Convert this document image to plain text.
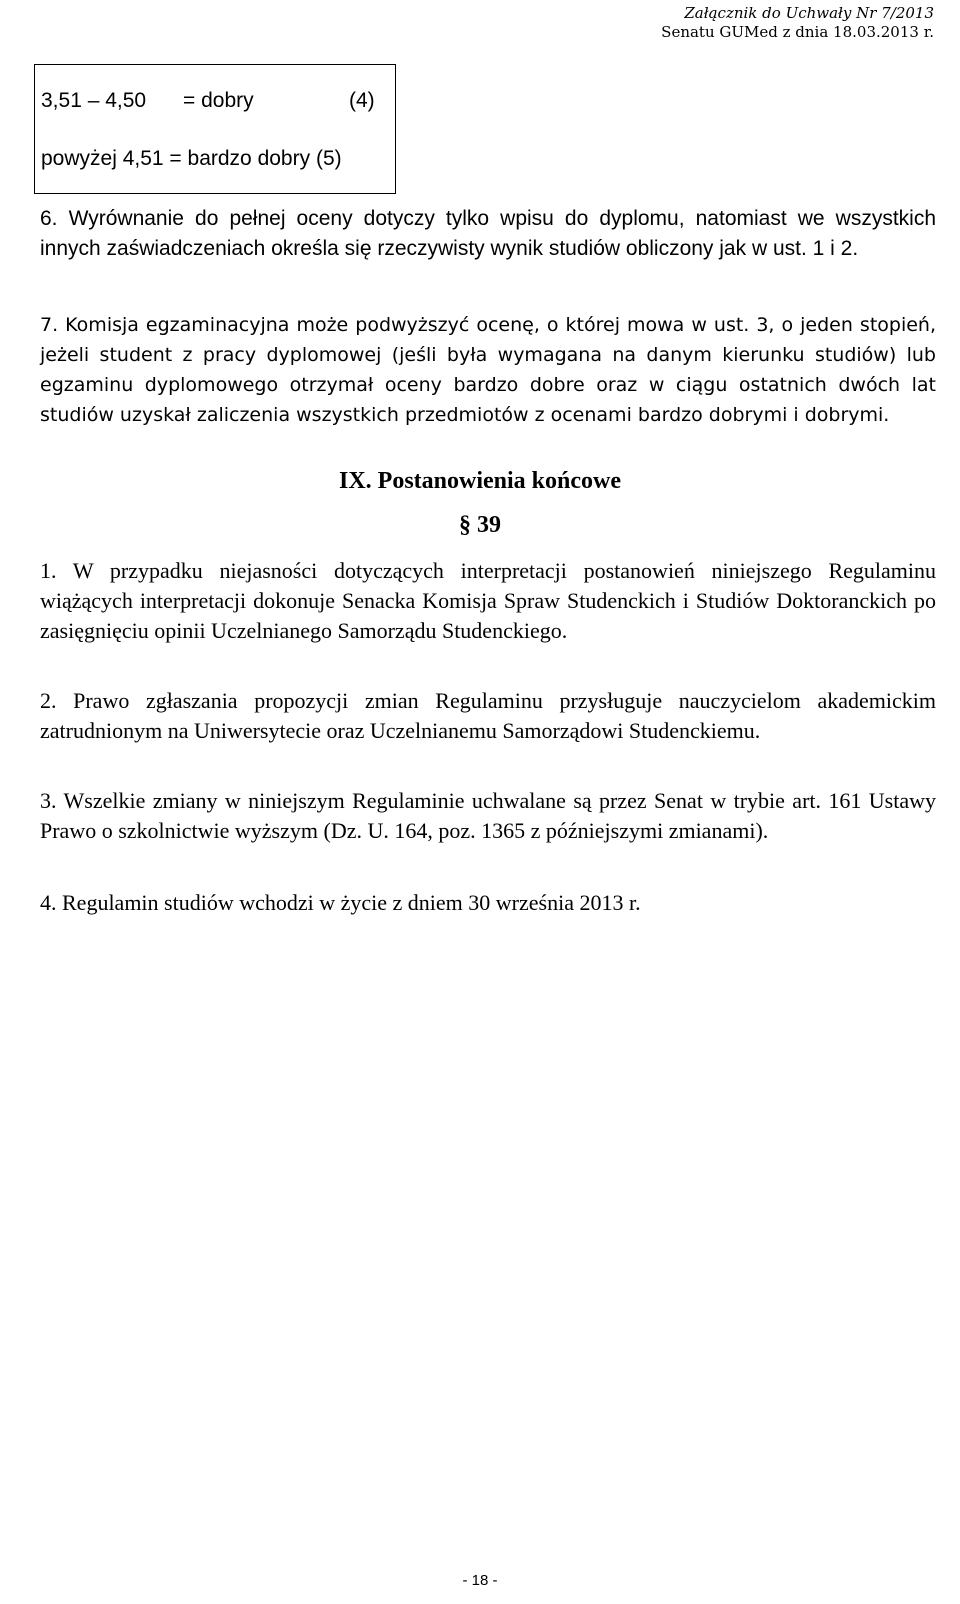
Załącznik do Uchwały Nr 7/2013
Senatu GUMed z dnia 18.03.2013 r.
3,51 – 4,50 = dobry	(4)
powyżej 4,51 = bardzo dobry (5)
6. Wyrównanie do pełnej oceny dotyczy tylko wpisu do dyplomu, natomiast we wszystkich innych zaświadczeniach określa się rzeczywisty wynik studiów obliczony jak w ust. 1 i 2.
7. Komisja egzaminacyjna może podwyższyć ocenę, o której mowa w ust. 3, o jeden stopień, jeżeli student z pracy dyplomowej (jeśli była wymagana na danym kierunku studiów) lub egzaminu dyplomowego otrzymał oceny bardzo dobre oraz w ciągu ostatnich dwóch lat studiów uzyskał zaliczenia wszystkich przedmiotów z ocenami bardzo dobrymi i dobrymi.
IX. Postanowienia końcowe
§ 39
1. W przypadku niejasności dotyczących interpretacji postanowień niniejszego Regulaminu wiążących interpretacji dokonuje Senacka Komisja Spraw Studenckich i Studiów Doktoranckich po zasięgnięciu opinii Uczelnianego Samorządu Studenckiego.
2. Prawo zgłaszania propozycji zmian Regulaminu przysługuje nauczycielom akademickim zatrudnionym na Uniwersytecie oraz Uczelnianemu Samorządowi Studenckiemu.
3. Wszelkie zmiany w niniejszym Regulaminie uchwalane są przez Senat w trybie art. 161 Ustawy Prawo o szkolnictwie wyższym (Dz. U. 164, poz. 1365 z późniejszymi zmianami).
4. Regulamin studiów wchodzi w życie z dniem 30 września 2013 r.
- 18 -
